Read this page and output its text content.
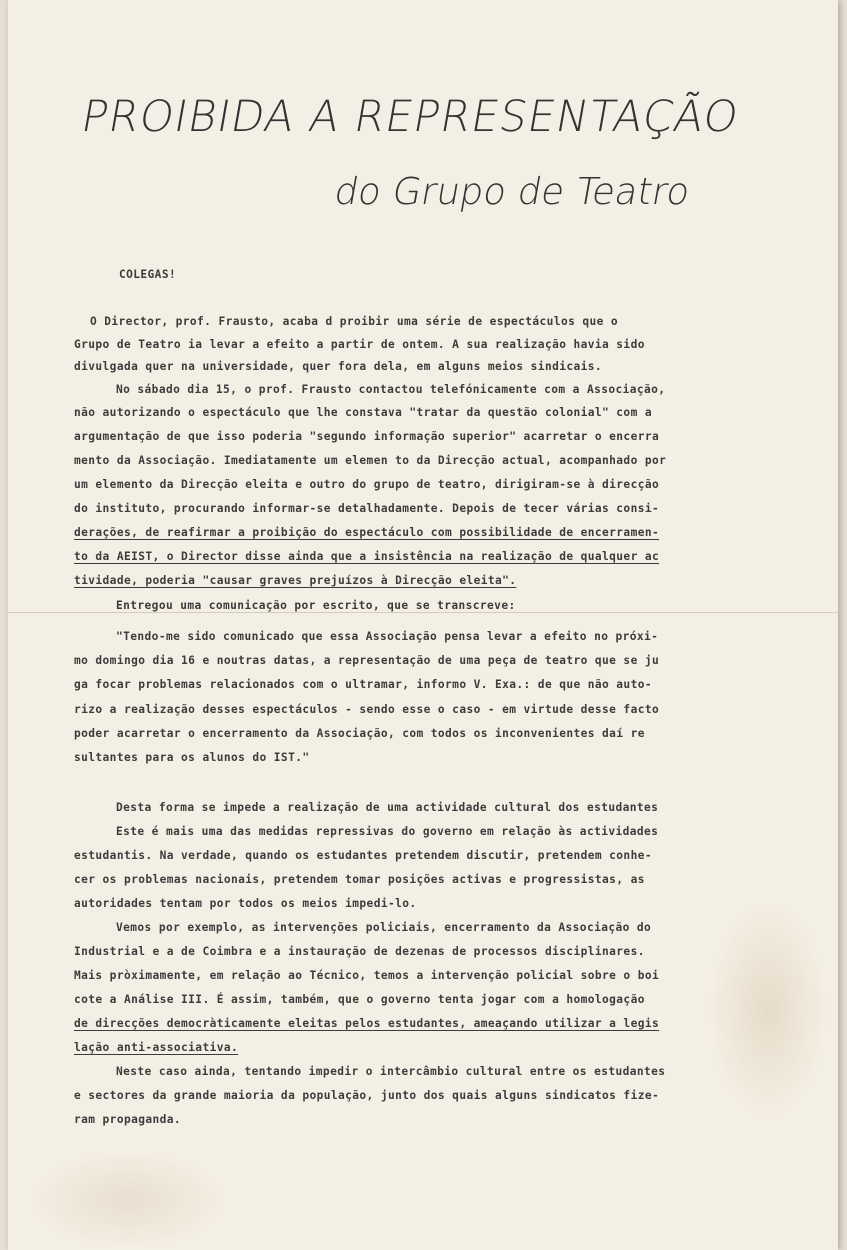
PROIBIDA A REPRESENTAÇÃO
do Grupo de Teatro
COLEGAS!
O Director, prof. Frausto, acaba d proibir uma série de espectáculos que o
Grupo de Teatro ia levar a efeito a partir de ontem. A sua realização havia sido
divulgada quer na universidade, quer fora dela, em alguns meios sindicais.
No sábado dia 15, o prof. Frausto contactou telefónicamente com a Associação,
não autorizando o espectáculo que lhe constava "tratar da questão colonial" com a
argumentação de que isso poderia "segundo informação superior" acarretar o encerra
mento da Associação. Imediatamente um elemen to da Direcção actual, acompanhado por
um elemento da Direcção eleita e outro do grupo de teatro, dirigiram-se à direcção
do instituto, procurando informar-se detalhadamente. Depois de tecer várias consi-
derações, de reafirmar a proibição do espectáculo com possibilidade de encerramen-
to da AEIST, o Director disse ainda que a insistência na realização de qualquer ac
tividade, poderia "causar graves prejuízos à Direcção eleita".
Entregou uma comunicação por escrito, que se transcreve:
"Tendo-me sido comunicado que essa Associação pensa levar a efeito no próxi-
mo domingo dia 16 e noutras datas, a representação de uma peça de teatro que se ju
ga focar problemas relacionados com o ultramar, informo V. Exa.: de que não auto-
rizo a realização desses espectáculos - sendo esse o caso - em virtude desse facto
poder acarretar o encerramento da Associação, com todos os inconvenientes daí re
sultantes para os alunos do IST."
Desta forma se impede a realização de uma actividade cultural dos estudantes
Este é mais uma das medidas repressivas do governo em relação às actividades
estudantis. Na verdade, quando os estudantes pretendem discutir, pretendem conhe-
cer os problemas nacionais, pretendem tomar posições activas e progressistas, as
autoridades tentam por todos os meios impedi-lo.
Vemos por exemplo, as intervenções policiais, encerramento da Associação do
Industrial e a de Coimbra e a instauração de dezenas de processos disciplinares.
Mais pròximamente, em relação ao Técnico, temos a intervenção policial sobre o boi
cote a Análise III. É assim, também, que o governo tenta jogar com a homologação
de direcções democràticamente eleitas pelos estudantes, ameaçando utilizar a legis
lação anti-associativa.
Neste caso ainda, tentando impedir o intercâmbio cultural entre os estudantes
e sectores da grande maioria da população, junto dos quais alguns sindicatos fize-
ram propaganda.
